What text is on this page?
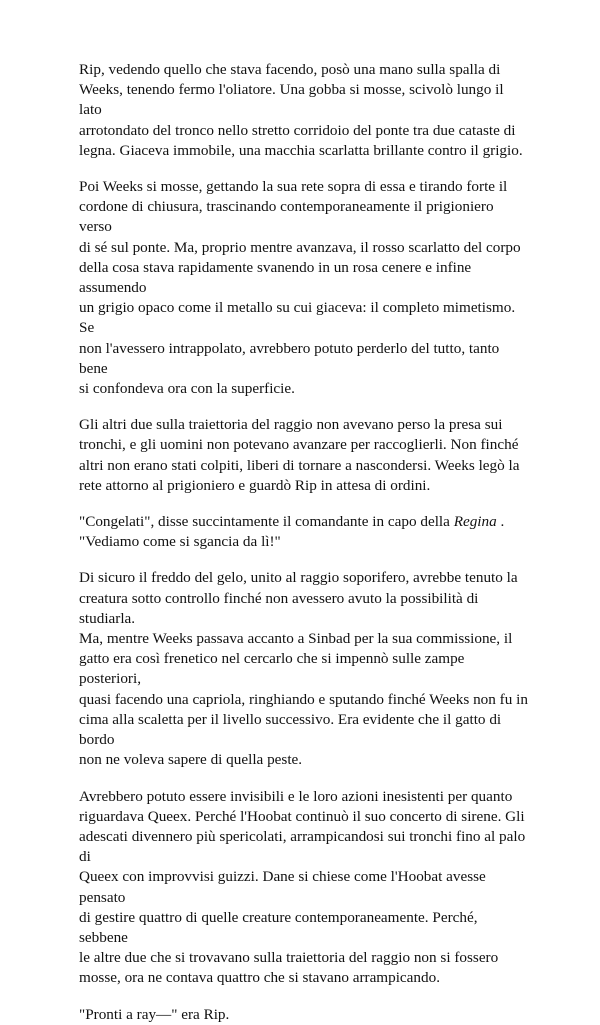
Rip, vedendo quello che stava facendo, posò una mano sulla spalla di
Weeks, tenendo fermo l'oliatore. Una gobba si mosse, scivolò lungo il lato
arrotondato del tronco nello stretto corridoio del ponte tra due cataste di
legna. Giaceva immobile, una macchia scarlatta brillante contro il grigio.

Poi Weeks si mosse, gettando la sua rete sopra di essa e tirando forte il
cordone di chiusura, trascinando contemporaneamente il prigioniero verso
di sé sul ponte. Ma, proprio mentre avanzava, il rosso scarlatto del corpo
della cosa stava rapidamente svanendo in un rosa cenere e infine assumendo
un grigio opaco come il metallo su cui giaceva: il completo mimetismo. Se
non l'avessero intrappolato, avrebbero potuto perderlo del tutto, tanto bene
si confondeva ora con la superficie.

Gli altri due sulla traiettoria del raggio non avevano perso la presa sui
tronchi, e gli uomini non potevano avanzare per raccoglierli. Non finché
altri non erano stati colpiti, liberi di tornare a nascondersi. Weeks legò la
rete attorno al prigioniero e guardò Rip in attesa di ordini.

"Congelati", disse succintamente il comandante in capo della Regina .
"Vediamo come si sgancia da lì!"

Di sicuro il freddo del gelo, unito al raggio soporifero, avrebbe tenuto la
creatura sotto controllo finché non avessero avuto la possibilità di studiarla.
Ma, mentre Weeks passava accanto a Sinbad per la sua commissione, il
gatto era così frenetico nel cercarlo che si impennò sulle zampe posteriori,
quasi facendo una capriola, ringhiando e sputando finché Weeks non fu in
cima alla scaletta per il livello successivo. Era evidente che il gatto di bordo
non ne voleva sapere di quella peste.

Avrebbero potuto essere invisibili e le loro azioni inesistenti per quanto
riguardava Queex. Perché l'Hoobat continuò il suo concerto di sirene. Gli
adescati divennero più spericolati, arrampicandosi sui tronchi fino al palo di
Queex con improvvisi guizzi. Dane si chiese come l'Hoobat avesse pensato
di gestire quattro di quelle creature contemporaneamente. Perché, sebbene
le altre due che si trovavano sulla traiettoria del raggio non si fossero
mosse, ora ne contava quattro che si stavano arrampicando.

"Pronti a ray—" era Rip.
